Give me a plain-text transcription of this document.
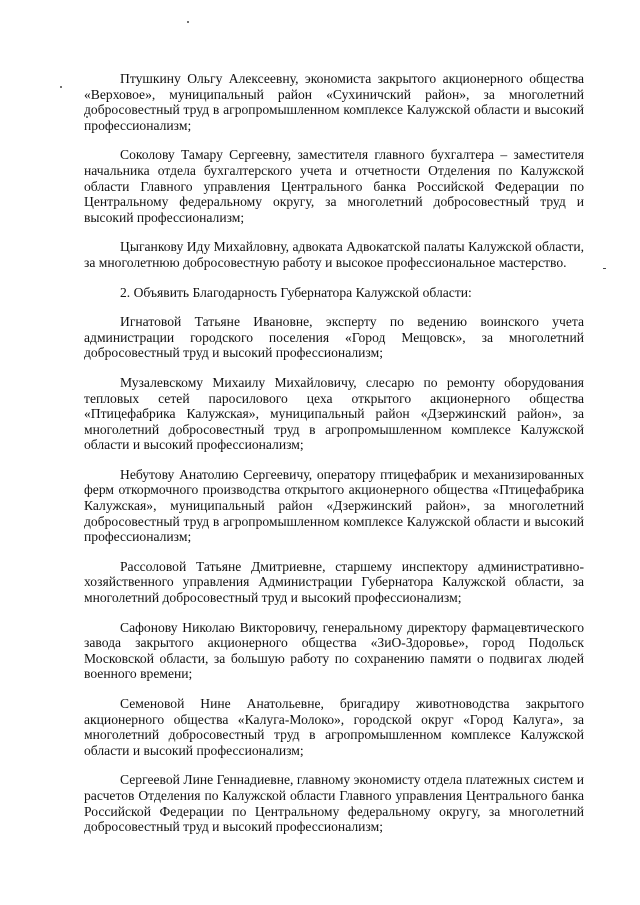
Птушкину Ольгу Алексеевну, экономиста закрытого акционерного общества «Верховое», муниципальный район «Сухиничский район», за многолетний добросовестный труд в агропромышленном комплексе Калужской области и высокий профессионализм;

Соколову Тамару Сергеевну, заместителя главного бухгалтера – заместителя начальника отдела бухгалтерского учета и отчетности Отделения по Калужской области Главного управления Центрального банка Российской Федерации по Центральному федеральному округу, за многолетний добросовестный труд и высокий профессионализм;

Цыганкову Иду Михайловну, адвоката Адвокатской палаты Калужской области, за многолетнюю добросовестную работу и высокое профессиональное мастерство.

2. Объявить Благодарность Губернатора Калужской области:

Игнатовой Татьяне Ивановне, эксперту по ведению воинского учета администрации городского поселения «Город Мещовск», за многолетний добросовестный труд и высокий профессионализм;

Музалевскому Михаилу Михайловичу, слесарю по ремонту оборудования тепловых сетей паросилового цеха открытого акционерного общества «Птицефабрика Калужская», муниципальный район «Дзержинский район», за многолетний добросовестный труд в агропромышленном комплексе Калужской области и высокий профессионализм;

Небутову Анатолию Сергеевичу, оператору птицефабрик и механизированных ферм откормочного производства открытого акционерного общества «Птицефабрика Калужская», муниципальный район «Дзержинский район», за многолетний добросовестный труд в агропромышленном комплексе Калужской области и высокий профессионализм;

Рассоловой Татьяне Дмитриевне, старшему инспектору административно-хозяйственного управления Администрации Губернатора Калужской области, за многолетний добросовестный труд и высокий профессионализм;

Сафонову Николаю Викторовичу, генеральному директору фармацевтического завода закрытого акционерного общества «ЗиО-Здоровье», город Подольск Московской области, за большую работу по сохранению памяти о подвигах людей военного времени;

Семеновой Нине Анатольевне, бригадиру животноводства закрытого акционерного общества «Калуга-Молоко», городской округ «Город Калуга», за многолетний добросовестный труд в агропромышленном комплексе Калужской области и высокий профессионализм;

Сергеевой Лине Геннадиевне, главному экономисту отдела платежных систем и расчетов Отделения по Калужской области Главного управления Центрального банка Российской Федерации по Центральному федеральному округу, за многолетний добросовестный труд и высокий профессионализм;
